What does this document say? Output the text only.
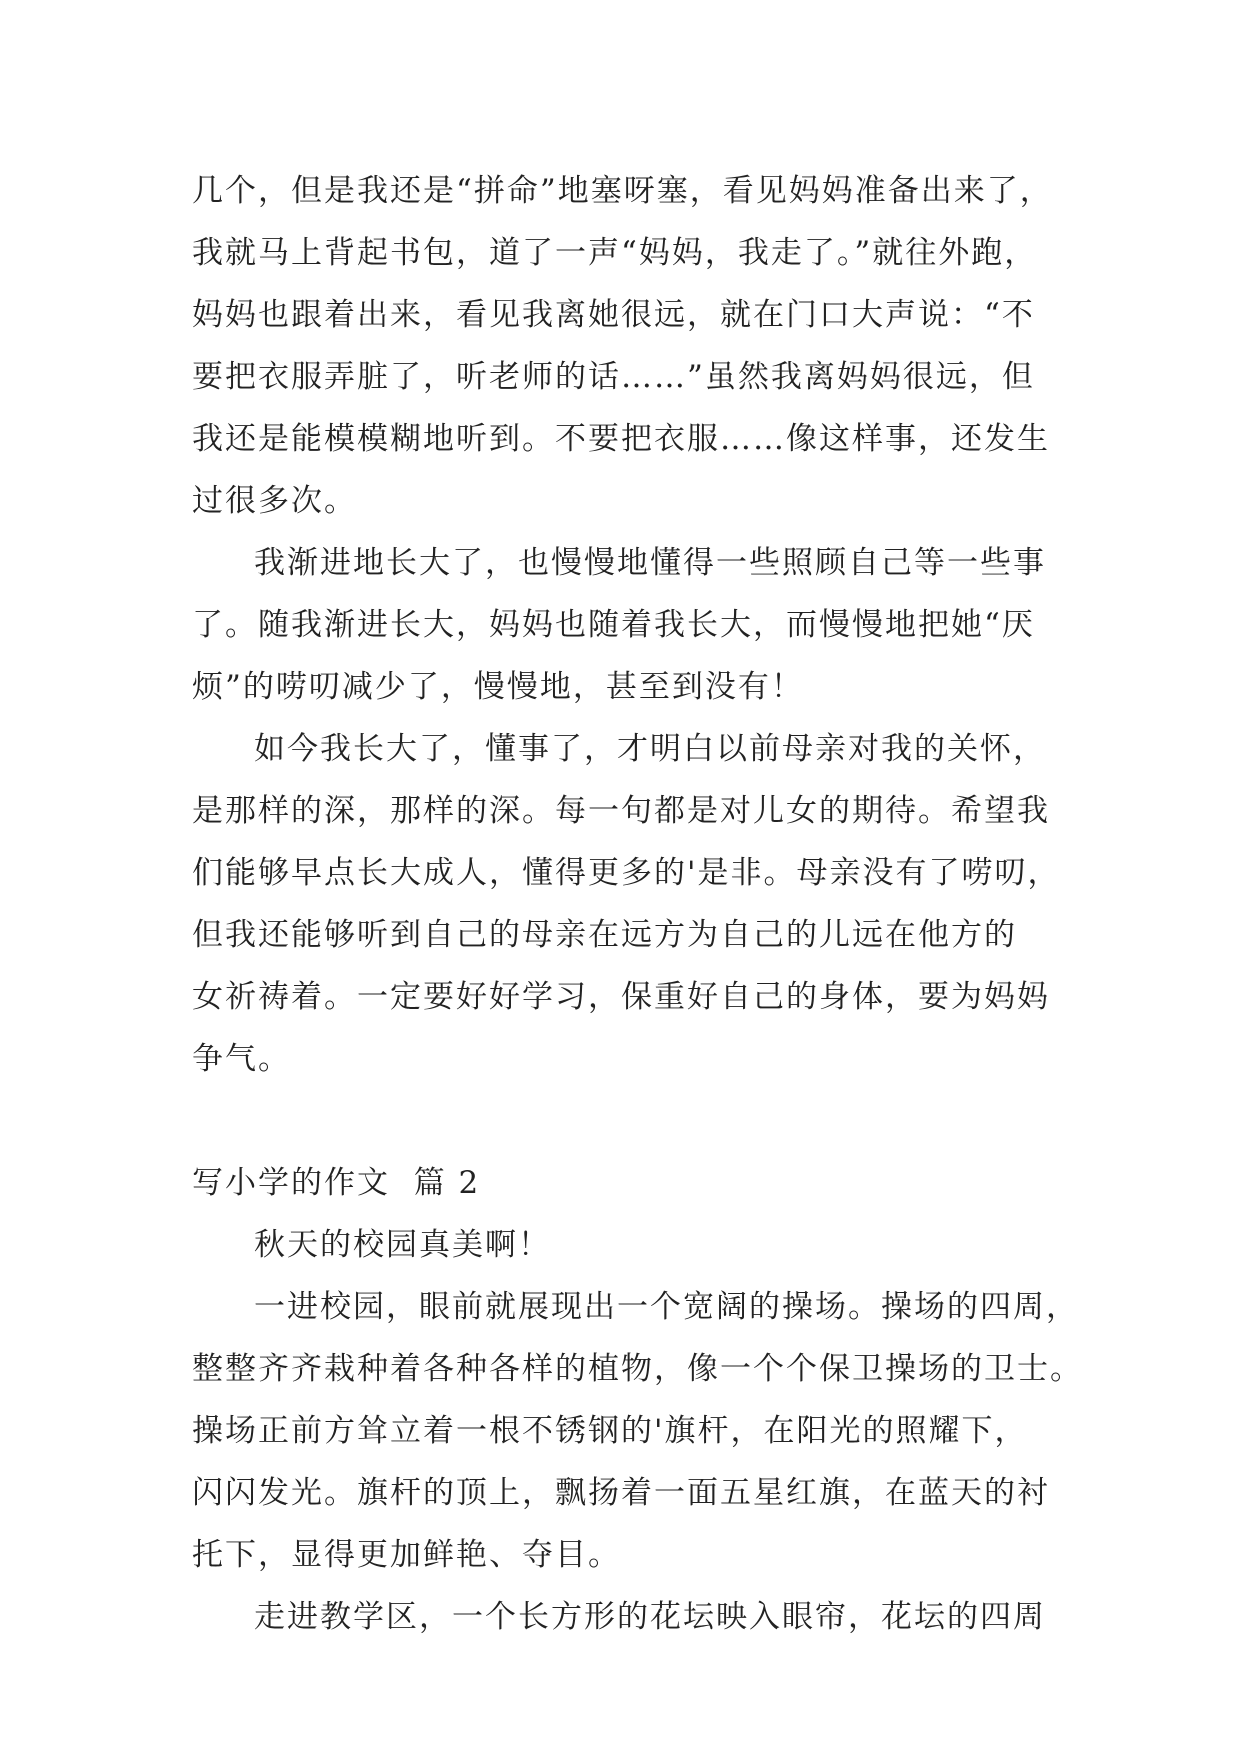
几个，但是我还是“拼命”地塞呀塞，看见妈妈准备出来了，
我就马上背起书包，道了一声“妈妈，我走了。”就往外跑，
妈妈也跟着出来，看见我离她很远，就在门口大声说：“不
要把衣服弄脏了，听老师的话……”虽然我离妈妈很远，但
我还是能模模糊地听到。不要把衣服……像这样事，还发生
过很多次。

我渐进地长大了，也慢慢地懂得一些照顾自己等一些事
了。随我渐进长大，妈妈也随着我长大，而慢慢地把她“厌
烦”的唠叨减少了，慢慢地，甚至到没有！

如今我长大了，懂事了，才明白以前母亲对我的关怀，
是那样的深，那样的深。每一句都是对儿女的期待。希望我
们能够早点长大成人，懂得更多的'是非。母亲没有了唠叨，
但我还能够听到自己的母亲在远方为自己的儿远在他方的
女祈祷着。一定要好好学习，保重好自己的身体，要为妈妈
争气。

写小学的作文  篇 2

秋天的校园真美啊！

一进校园，眼前就展现出一个宽阔的操场。操场的四周，
整整齐齐栽种着各种各样的植物，像一个个保卫操场的卫士。
操场正前方耸立着一根不锈钢的'旗杆，在阳光的照耀下，
闪闪发光。旗杆的顶上，飘扬着一面五星红旗，在蓝天的衬
托下，显得更加鲜艳、夺目。

走进教学区，一个长方形的花坛映入眼帘，花坛的四周
